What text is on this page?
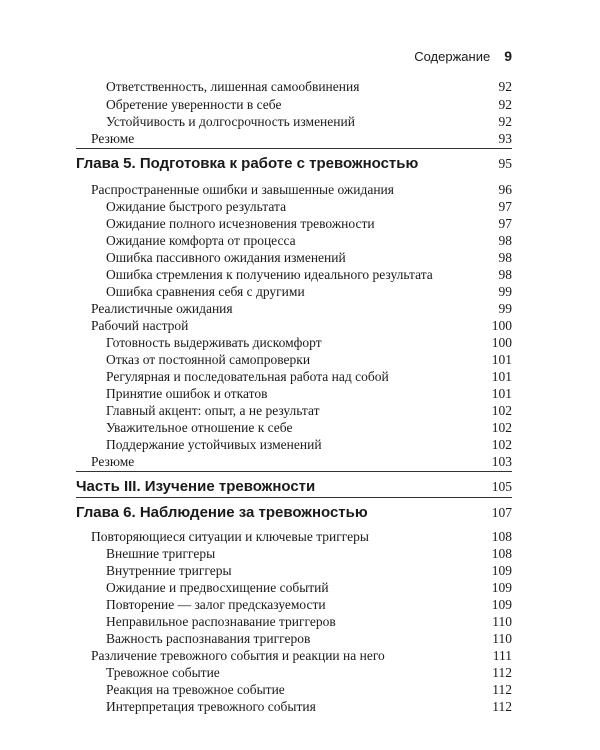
Содержание 9
Ответственность, лишенная самообвинения	92
Обретение уверенности в себе	92
Устойчивость и долгосрочность изменений	92
Резюме	93
Глава 5. Подготовка к работе с тревожностью	95
Распространенные ошибки и завышенные ожидания	96
Ожидание быстрого результата	97
Ожидание полного исчезновения тревожности	97
Ожидание комфорта от процесса	98
Ошибка пассивного ожидания изменений	98
Ошибка стремления к получению идеального результата	98
Ошибка сравнения себя с другими	99
Реалистичные ожидания	99
Рабочий настрой	100
Готовность выдерживать дискомфорт	100
Отказ от постоянной самопроверки	101
Регулярная и последовательная работа над собой	101
Принятие ошибок и откатов	101
Главный акцент: опыт, а не результат	102
Уважительное отношение к себе	102
Поддержание устойчивых изменений	102
Резюме	103
Часть III. Изучение тревожности	105
Глава 6. Наблюдение за тревожностью	107
Повторяющиеся ситуации и ключевые триггеры	108
Внешние триггеры	108
Внутренние триггеры	109
Ожидание и предвосхищение событий	109
Повторение — залог предсказуемости	109
Неправильное распознавание триггеров	110
Важность распознавания триггеров	110
Различение тревожного события и реакции на него	111
Тревожное событие	112
Реакция на тревожное событие	112
Интерпретация тревожного события	112
